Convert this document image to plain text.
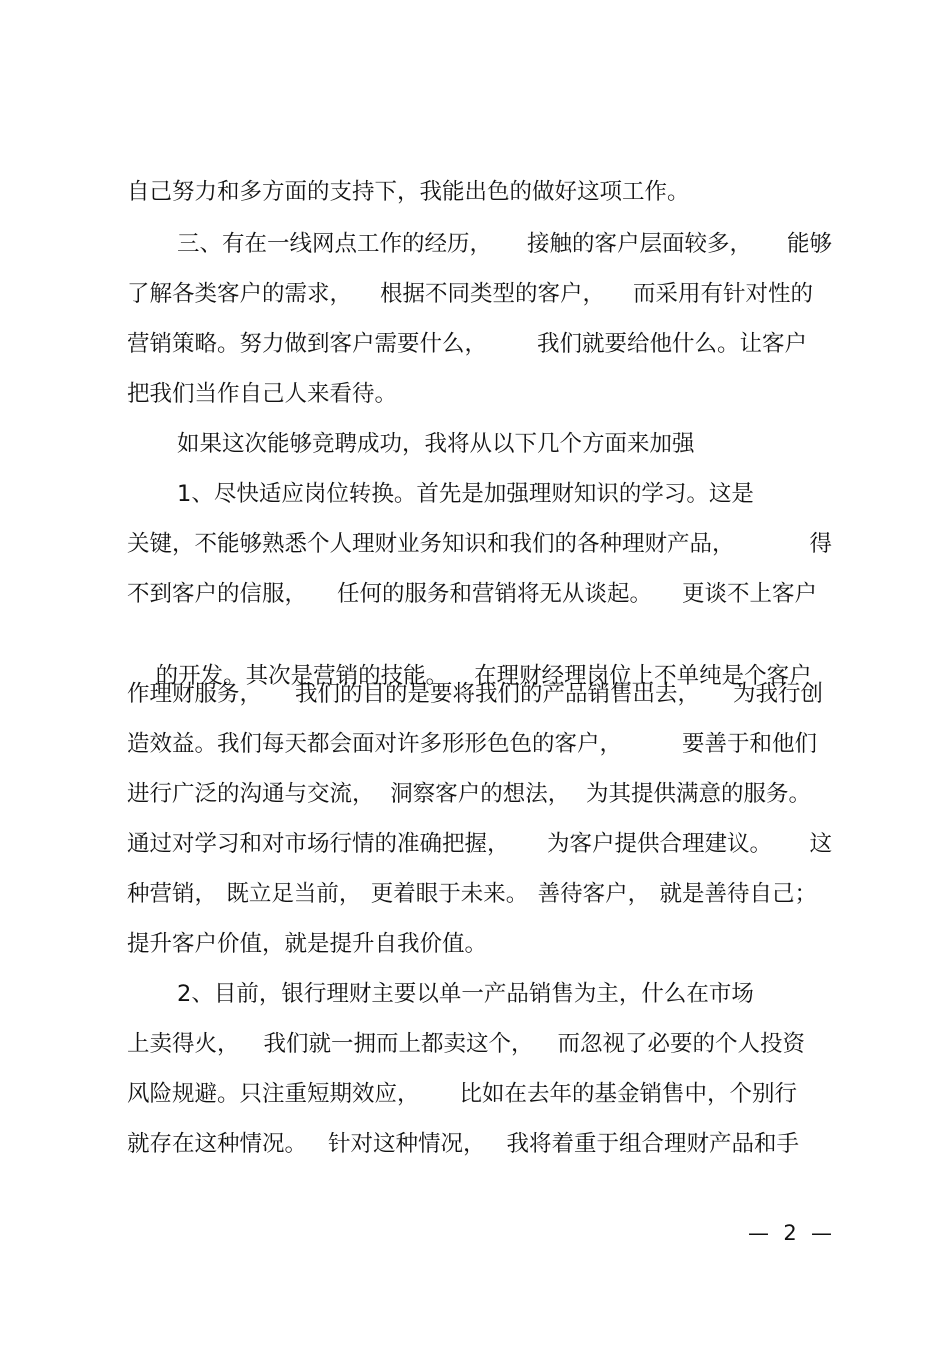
自己努力和多方面的支持下，我能出色的做好这项工作。

三、有在一线网点工作的经历， 接触的客户层面较多， 能够

了解各类客户的需求， 根据不同类型的客户， 而采用有针对性的

营销策略。努力做到客户需要什么， 我们就要给他什么。让客户

把我们当作自己人来看待。

如果这次能够竞聘成功，我将从以下几个方面来加强

1、尽快适应岗位转换。首先是加强理财知识的学习。这是

关键，不能够熟悉个人理财业务知识和我们的各种理财产品，	得

不到客户的信服， 任何的服务和营销将无从谈起。 更谈不上客户

的开发。其次是营销的技能。 在理财经理岗位上不单纯是个客户

作理财服务， 我们的目的是要将我们的产品销售出去， 为我行创

造效益。我们每天都会面对许多形形色色的客户，	要善于和他们

进行广泛的沟通与交流， 洞察客户的想法， 为其提供满意的服务。

通过对学习和对市场行情的准确把握， 为客户提供合理建议。 这

种营销， 既立足当前， 更着眼于未来。 善待客户， 就是善待自己；

提升客户价值，就是提升自我价值。

2、目前，银行理财主要以单一产品销售为主，什么在市场

上卖得火， 我们就一拥而上都卖这个， 而忽视了必要的个人投资

风险规避。只注重短期效应， 比如在去年的基金销售中，个别行

就存在这种情况。 针对这种情况， 我将着重于组合理财产品和手

— 2 —
